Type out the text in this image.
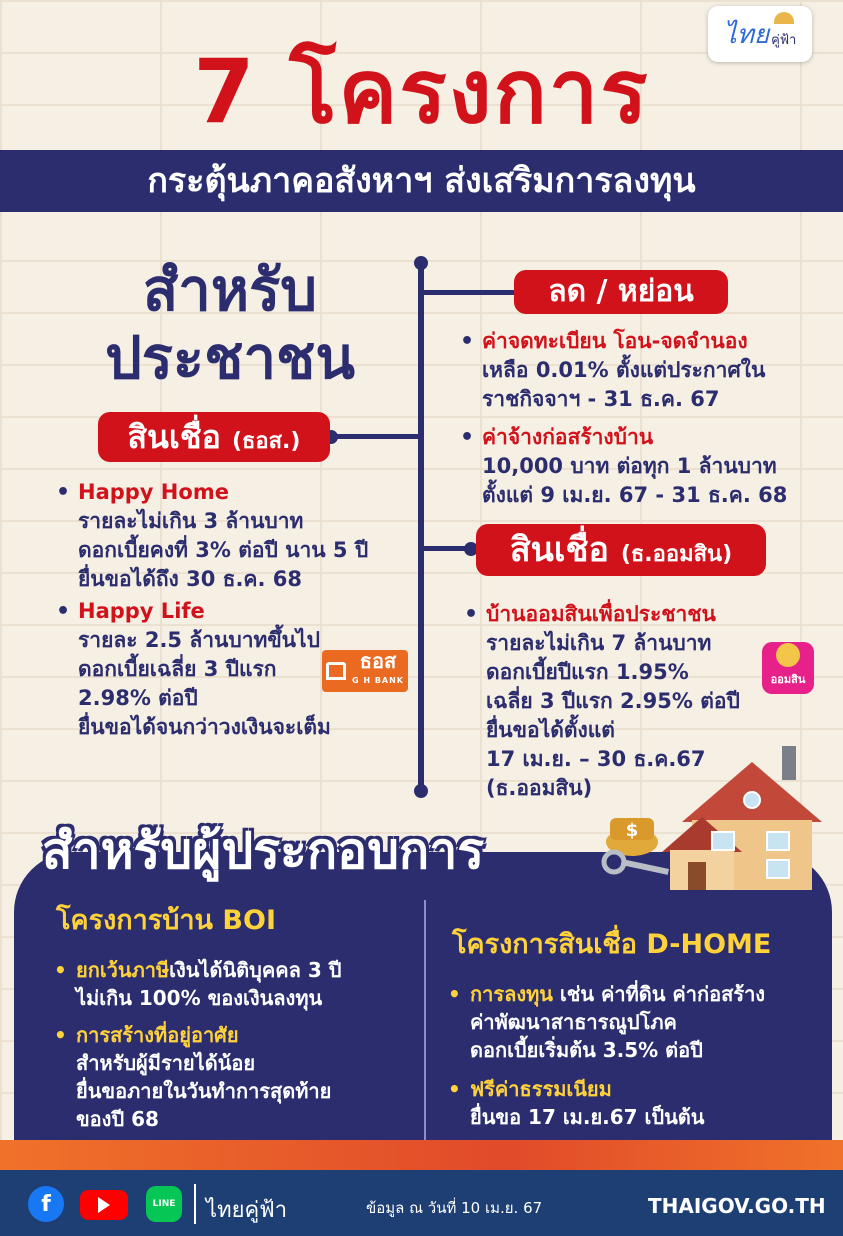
ไทย คู่ฟ้า
7 โครงการ
กระตุ้นภาคอสังหาฯ ส่งเสริมการลงทุน
สำหรับ
ประชาชน
สินเชื่อ (ธอส.)
• Happy Home
รายละไม่เกิน 3 ล้านบาท
ดอกเบี้ยคงที่ 3% ต่อปี นาน 5 ปี
ยื่นขอได้ถึง 30 ธ.ค. 68
• Happy Life
รายละ 2.5 ล้านบาทขึ้นไป
ดอกเบี้ยเฉลี่ย 3 ปีแรก
2.98% ต่อปี
ยื่นขอได้จนกว่าวงเงินจะเต็ม
ธอส
G H BANK
ลด / หย่อน
• ค่าจดทะเบียน โอน-จดจำนอง
เหลือ 0.01% ตั้งแต่ประกาศใน
ราชกิจจาฯ - 31 ธ.ค. 67
• ค่าจ้างก่อสร้างบ้าน
10,000 บาท ต่อทุก 1 ล้านบาท
ตั้งแต่ 9 เม.ย. 67 - 31 ธ.ค. 68
สินเชื่อ (ธ.ออมสิน)
• บ้านออมสินเพื่อประชาชน
รายละไม่เกิน 7 ล้านบาท
ดอกเบี้ยปีแรก 1.95%
เฉลี่ย 3 ปีแรก 2.95% ต่อปี
ยื่นขอได้ตั้งแต่
17 เม.ย. – 30 ธ.ค.67
(ธ.ออมสิน)
ออมสิน
$
สำหรับผู้ประกอบการ
โครงการบ้าน BOI
• ยกเว้นภาษีเงินได้นิติบุคคล 3 ปี
ไม่เกิน 100% ของเงินลงทุน
• การสร้างที่อยู่อาศัย
สำหรับผู้มีรายได้น้อย
ยื่นขอภายในวันทำการสุดท้าย
ของปี 68
โครงการสินเชื่อ D-HOME
• การลงทุน เช่น ค่าที่ดิน ค่าก่อสร้าง
ค่าพัฒนาสาธารณูปโภค
ดอกเบี้ยเริ่มต้น 3.5% ต่อปี
• ฟรีค่าธรรมเนียม
ยื่นขอ 17 เม.ย.67 เป็นต้น
f	LINE	ไทยคู่ฟ้า	ข้อมูล ณ วันที่ 10 เม.ย. 67	THAIGOV.GO.TH
